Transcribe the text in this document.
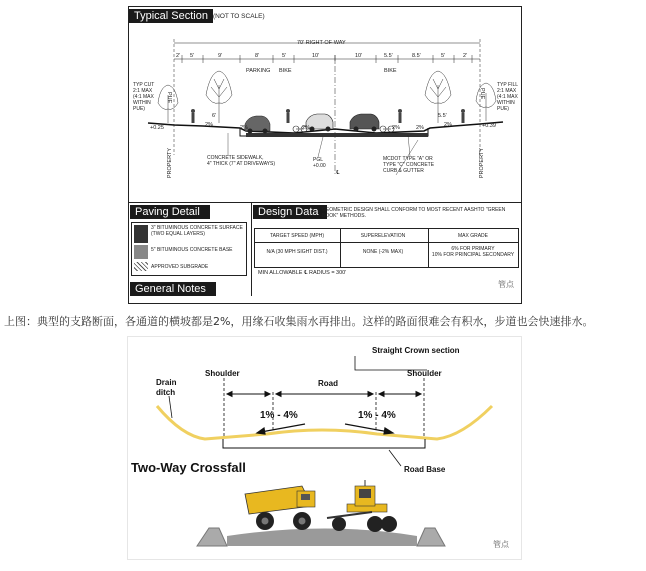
Typical Section (NOT TO SCALE)
70' RIGHT-OF-WAY
2' 5'	9'	8'	5'	10'	10'	5.5'	8.5'	5'	2'
PARKING BIKE	BIKE
TYP CUT
2:1 MAX
(4:1 MAX
WITHIN
PUE)
TYP FILL
2:1 MAX
(4:1 MAX
WITHIN
PUE)
PUE	PUE
PROPERTY	PROPERTY
+0.25	+0.39
6'	5.5'
2%	2%	2%	2%	2%	2%
CONCRETE SIDEWALK,
4" THICK (7" AT DRIVEWAYS)
PGL
+0.00
℄
MCDOT TYPE "A" OR
TYPE "C" CONCRETE
CURB & GUTTER
Paving Detail
3" BITUMINOUS CONCRETE SURFACE (TWO EQUAL LAYERS)
5" BITUMINOUS CONCRETE BASE
APPROVED SUBGRADE
Design Data GEOMETRIC DESIGN SHALL CONFORM TO MOST RECENT AASHTO "GREEN BOOK" METHODS.
TARGET SPEED (MPH)	SUPERELEVATION	MAX GRADE
N/A (30 MPH SIGHT DIST.)	NONE (-2% MAX)	6% FOR PRIMARY
10% FOR PRINCIPAL SECONDARY
MIN ALLOWABLE ℄ RADIUS = 300'
General Notes	管点
上图：典型的支路断面，各通道的横坡都是2%，用缘石收集雨水再排出。这样的路面很难会有积水，步道也会快速排水。
Straight Crown section
Drain
ditch
Shoulder
Road
Shoulder
1% - 4%	1% - 4%
Road Base
Two-Way Crossfall
管点
